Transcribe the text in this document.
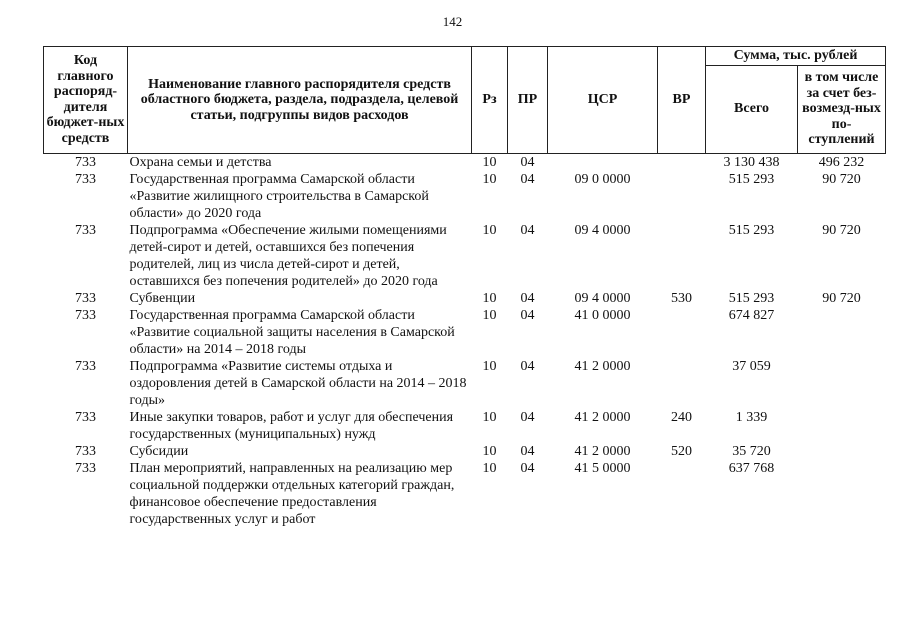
142
Код главного распоряд-дителя бюджет-ных средств	Наименование главного распорядителя средств областного бюджета, раздела, подраздела, целевой статьи, подгруппы видов расходов	Рз	ПР	ЦСР	ВР	Сумма, тыс. рублей	
						Всего	в том числе за счет без-возмезд-ных по-ступлений
733	Охрана семьи и детства	10	04			3 130 438	496 232
733	Государственная программа Самарской области «Развитие жилищного строительства в Самарской области» до 2020 года	10	04	09 0 0000		515 293	90 720
733	Подпрограмма «Обеспечение жилыми помещениями детей-сирот и детей, оставшихся без попечения родителей, лиц из числа детей-сирот и детей, оставшихся без попечения родителей» до 2020 года	10	04	09 4 0000		515 293	90 720
733	Субвенции	10	04	09 4 0000	530	515 293	90 720
733	Государственная программа Самарской области «Развитие социальной защиты населения в Самарской области» на 2014 – 2018 годы	10	04	41 0 0000		674 827	
733	Подпрограмма «Развитие системы отдыха и оздоровления детей в Самарской области на 2014 – 2018 годы»	10	04	41 2 0000		37 059	
733	Иные закупки товаров, работ и услуг для обеспечения государственных (муниципальных) нужд	10	04	41 2 0000	240	1 339	
733	Субсидии	10	04	41 2 0000	520	35 720	
733	План мероприятий, направленных на реализацию мер социальной поддержки отдельных категорий граждан, финансовое обеспечение предоставления государственных услуг и работ	10	04	41 5 0000		637 768	
